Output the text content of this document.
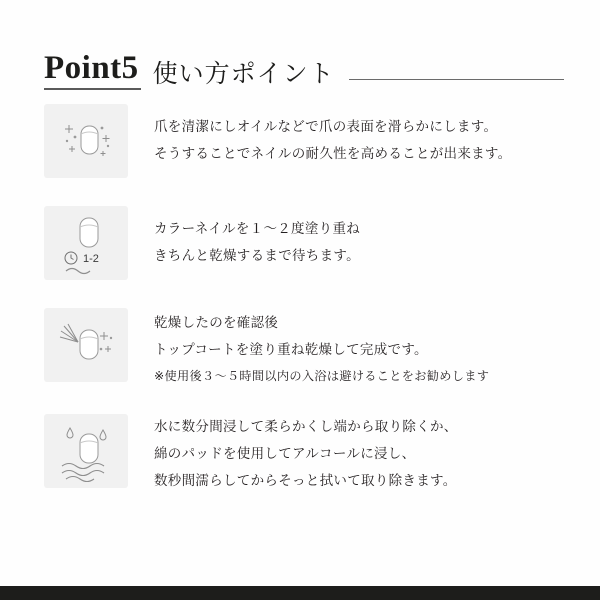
Point5 使い方ポイント
爪を清潔にしオイルなどで爪の表面を滑らかにします。
そうすることでネイルの耐久性を高めることが出来ます。
1-2
カラーネイルを１～２度塗り重ね
きちんと乾燥するまで待ちます。
乾燥したのを確認後
トップコートを塗り重ね乾燥して完成です。
※使用後３～５時間以内の入浴は避けることをお勧めします
水に数分間浸して柔らかくし端から取り除くか、
綿のパッドを使用してアルコールに浸し、
数秒間濡らしてからそっと拭いて取り除きます。
